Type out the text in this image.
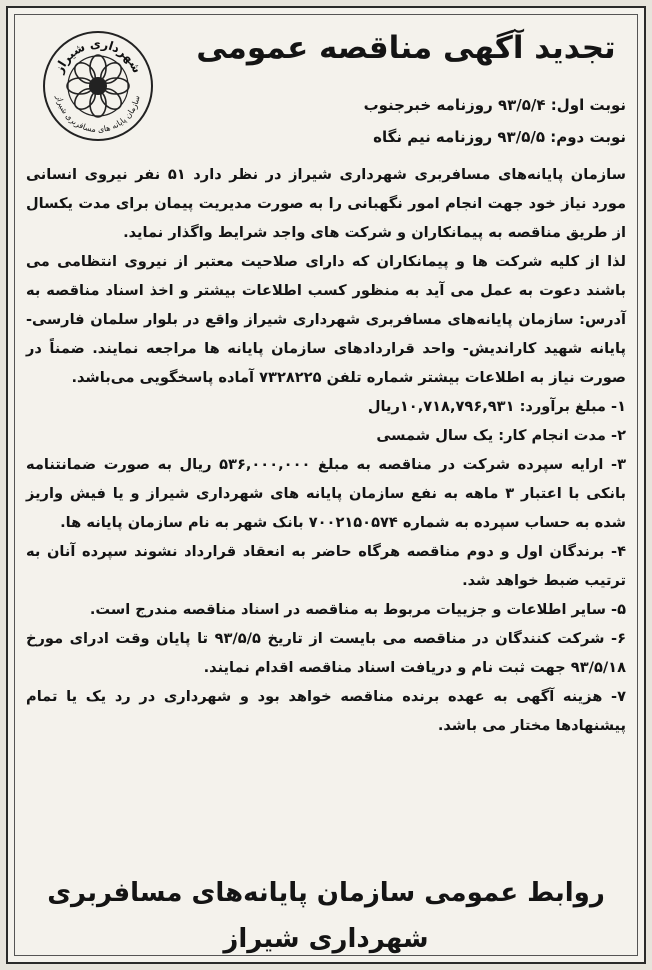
شهرداری شیراز
سازمان پایانه های مسافربری شیراز
تجدید آگهی مناقصه عمومی
نوبت اول: ۹۳/۵/۴ روزنامه خبرجنوب
نوبت دوم: ۹۳/۵/۵ روزنامه نیم نگاه

سازمان پایانه‌های مسافربری شهرداری شیراز در نظر دارد ۵۱ نفر نیروی انسانی مورد نیاز خود جهت انجام امور نگهبانی را به صورت مدیریت پیمان برای مدت یکسال از طریق مناقصه به پیمانکاران و شرکت های واجد شرایط واگذار نماید.

لذا از کلیه شرکت ها و پیمانکاران که دارای صلاحیت معتبر از نیروی انتظامی می باشند دعوت به عمل می آید به منظور کسب اطلاعات بیشتر و اخذ اسناد مناقصه به آدرس: سازمان پایانه‌های مسافربری شهرداری شیراز واقع در بلوار سلمان فارسی- پایانه شهید کاراندیش- واحد قراردادهای سازمان پایانه ها مراجعه نمایند. ضمناً در صورت نیاز به اطلاعات بیشتر شماره تلفن ۷۳۲۸۲۲۵ آماده پاسخگویی می‌باشد.

۱- مبلغ برآورد: ۱۰,۷۱۸,۷۹۶,۹۳۱ریال

۲- مدت انجام کار: یک سال شمسی

۳- ارایه سپرده شرکت در مناقصه به مبلغ ۵۳۶,۰۰۰,۰۰۰ ریال به صورت ضمانتنامه بانکی با اعتبار ۳ ماهه به نفع سازمان پایانه های شهرداری شیراز و یا فیش واریز شده به حساب سپرده به شماره ۷۰۰۲۱۵۰۵۷۴ بانک شهر به نام سازمان پایانه ها.

۴- برندگان اول و دوم مناقصه هرگاه حاضر به انعقاد قرارداد نشوند سپرده آنان به ترتیب ضبط خواهد شد.

۵- سایر اطلاعات و جزییات مربوط به مناقصه در اسناد مناقصه مندرج است.

۶- شرکت کنندگان در مناقصه می بایست از تاریخ ۹۳/۵/۵ تا پایان وقت ادرای مورخ ۹۳/۵/۱۸ جهت ثبت نام و دریافت اسناد مناقصه اقدام نمایند.

۷- هزینه آگهی به عهده برنده مناقصه خواهد بود و شهرداری در رد یک یا تمام پیشنهادها مختار می باشد.

روابط عمومی سازمان پایانه‌های مسافربری
شهرداری شیراز
